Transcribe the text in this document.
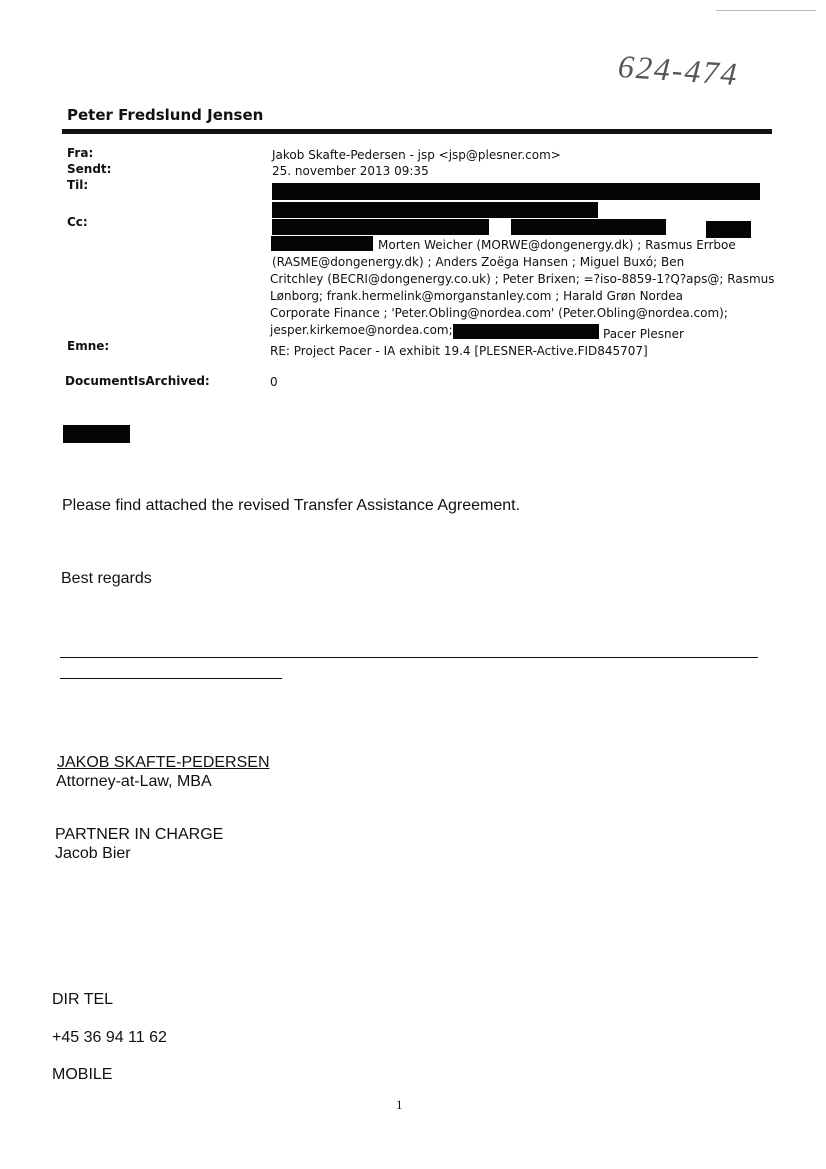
624-474
Peter Fredslund Jensen
Fra:	Jakob Skafte-Pedersen - jsp <jsp@plesner.com>
Sendt:	25. november 2013 09:35
Til:
Cc:
Morten Weicher (MORWE@dongenergy.dk) ; Rasmus Errboe
(RASME@dongenergy.dk) ; Anders Zoëga Hansen ; Miguel Buxó; Ben
Critchley (BECRI@dongenergy.co.uk) ; Peter Brixen; =?iso-8859-1?Q?aps@; Rasmus
Lønborg; frank.hermelink@morganstanley.com ; Harald Grøn Nordea
Corporate Finance ; 'Peter.Obling@nordea.com' (Peter.Obling@nordea.com);
jesper.kirkemoe@nordea.com;	Pacer Plesner
Emne:	RE: Project Pacer - IA exhibit 19.4 [PLESNER-Active.FID845707]
DocumentIsArchived:	0
Please find attached the revised Transfer Assistance Agreement.
Best regards
JAKOB SKAFTE-PEDERSEN
Attorney-at-Law, MBA
PARTNER IN CHARGE
Jacob Bier
DIR TEL
+45 36 94 11 62
MOBILE
1
